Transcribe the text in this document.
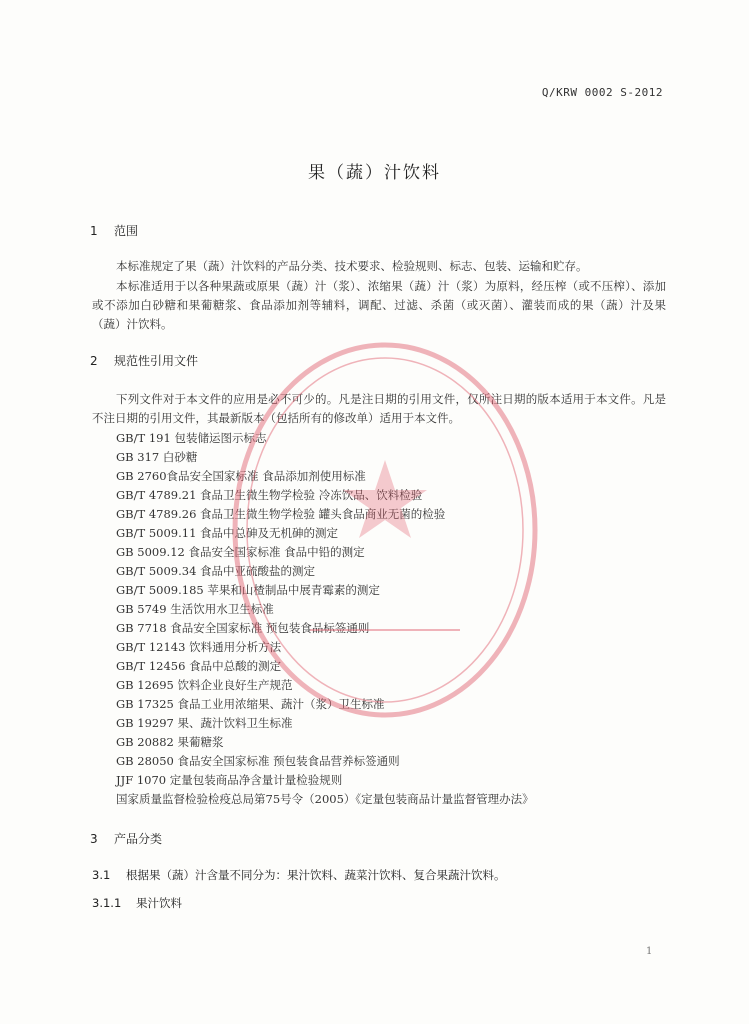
Q/KRW 0002 S-2012
果（蔬）汁饮料
1 范围
本标准规定了果（蔬）汁饮料的产品分类、技术要求、检验规则、标志、包装、运输和贮存。
本标准适用于以各种果蔬或原果（蔬）汁（浆）、浓缩果（蔬）汁（浆）为原料，经压榨（或不压榨）、添加或不添加白砂糖和果葡糖浆、食品添加剂等辅料，调配、过滤、杀菌（或灭菌）、灌装而成的果（蔬）汁及果（蔬）汁饮料。
2 规范性引用文件
下列文件对于本文件的应用是必不可少的。凡是注日期的引用文件，仅所注日期的版本适用于本文件。凡是不注日期的引用文件，其最新版本（包括所有的修改单）适用于本文件。
GB/T 191 包装储运图示标志
GB 317 白砂糖
GB 2760食品安全国家标准 食品添加剂使用标准
GB/T 4789.21 食品卫生微生物学检验 冷冻饮品、饮料检验
GB/T 4789.26 食品卫生微生物学检验 罐头食品商业无菌的检验
GB/T 5009.11 食品中总砷及无机砷的测定
GB 5009.12 食品安全国家标准 食品中铅的测定
GB/T 5009.34 食品中亚硫酸盐的测定
GB/T 5009.185 苹果和山楂制品中展青霉素的测定
GB 5749 生活饮用水卫生标准
GB 7718 食品安全国家标准 预包装食品标签通则
GB/T 12143 饮料通用分析方法
GB/T 12456 食品中总酸的测定
GB 12695 饮料企业良好生产规范
GB 17325 食品工业用浓缩果、蔬汁（浆）卫生标准
GB 19297 果、蔬汁饮料卫生标准
GB 20882 果葡糖浆
GB 28050 食品安全国家标准 预包装食品营养标签通则
JJF 1070 定量包装商品净含量计量检验规则
国家质量监督检验检疫总局第75号令（2005）《定量包装商品计量监督管理办法》
3 产品分类
3.1 根据果（蔬）汁含量不同分为：果汁饮料、蔬菜汁饮料、复合果蔬汁饮料。
3.1.1 果汁饮料
1
